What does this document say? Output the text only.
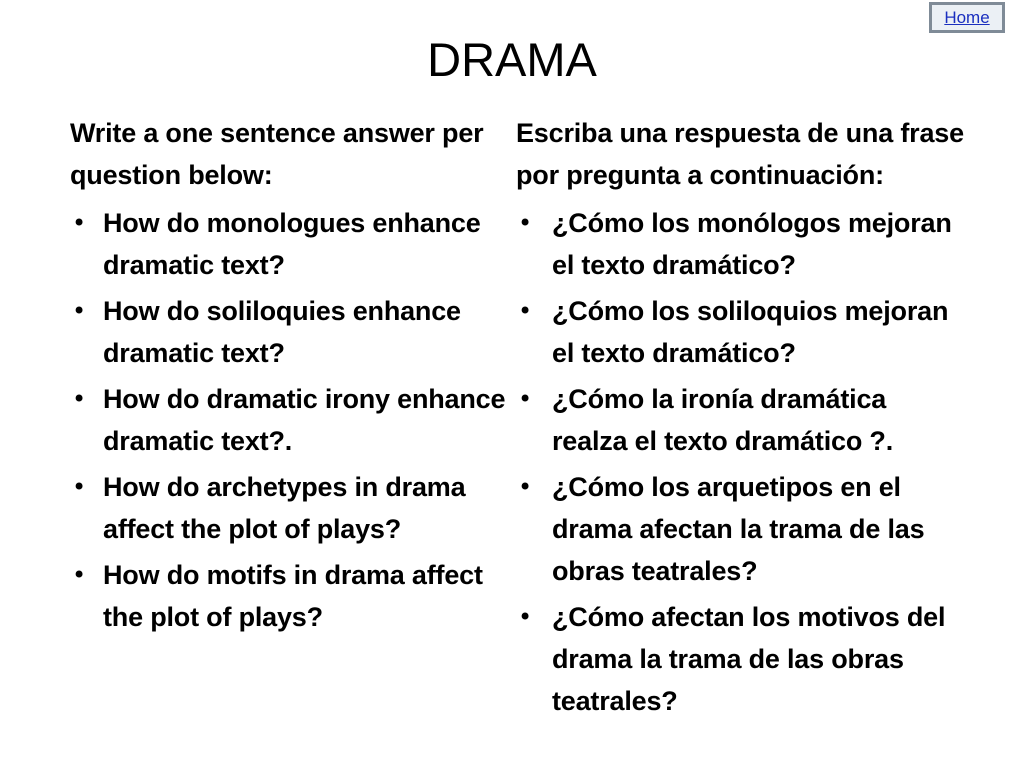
Home
DRAMA

Write a one sentence answer per question below:

• How do monologues enhance dramatic text?
• How do soliloquies enhance dramatic text?
• How do dramatic irony enhance dramatic text?.
• How do archetypes in drama affect the plot of plays?
• How do motifs in drama affect the plot of plays?

Escriba una respuesta de una frase por pregunta a continuación:

• ¿Cómo los monólogos mejoran el texto dramático?
• ¿Cómo los soliloquios mejoran el texto dramático?
• ¿Cómo la ironía dramática realza el texto dramático ?.
• ¿Cómo los arquetipos en el drama afectan la trama de las obras teatrales?
• ¿Cómo afectan los motivos del drama la trama de las obras teatrales?
